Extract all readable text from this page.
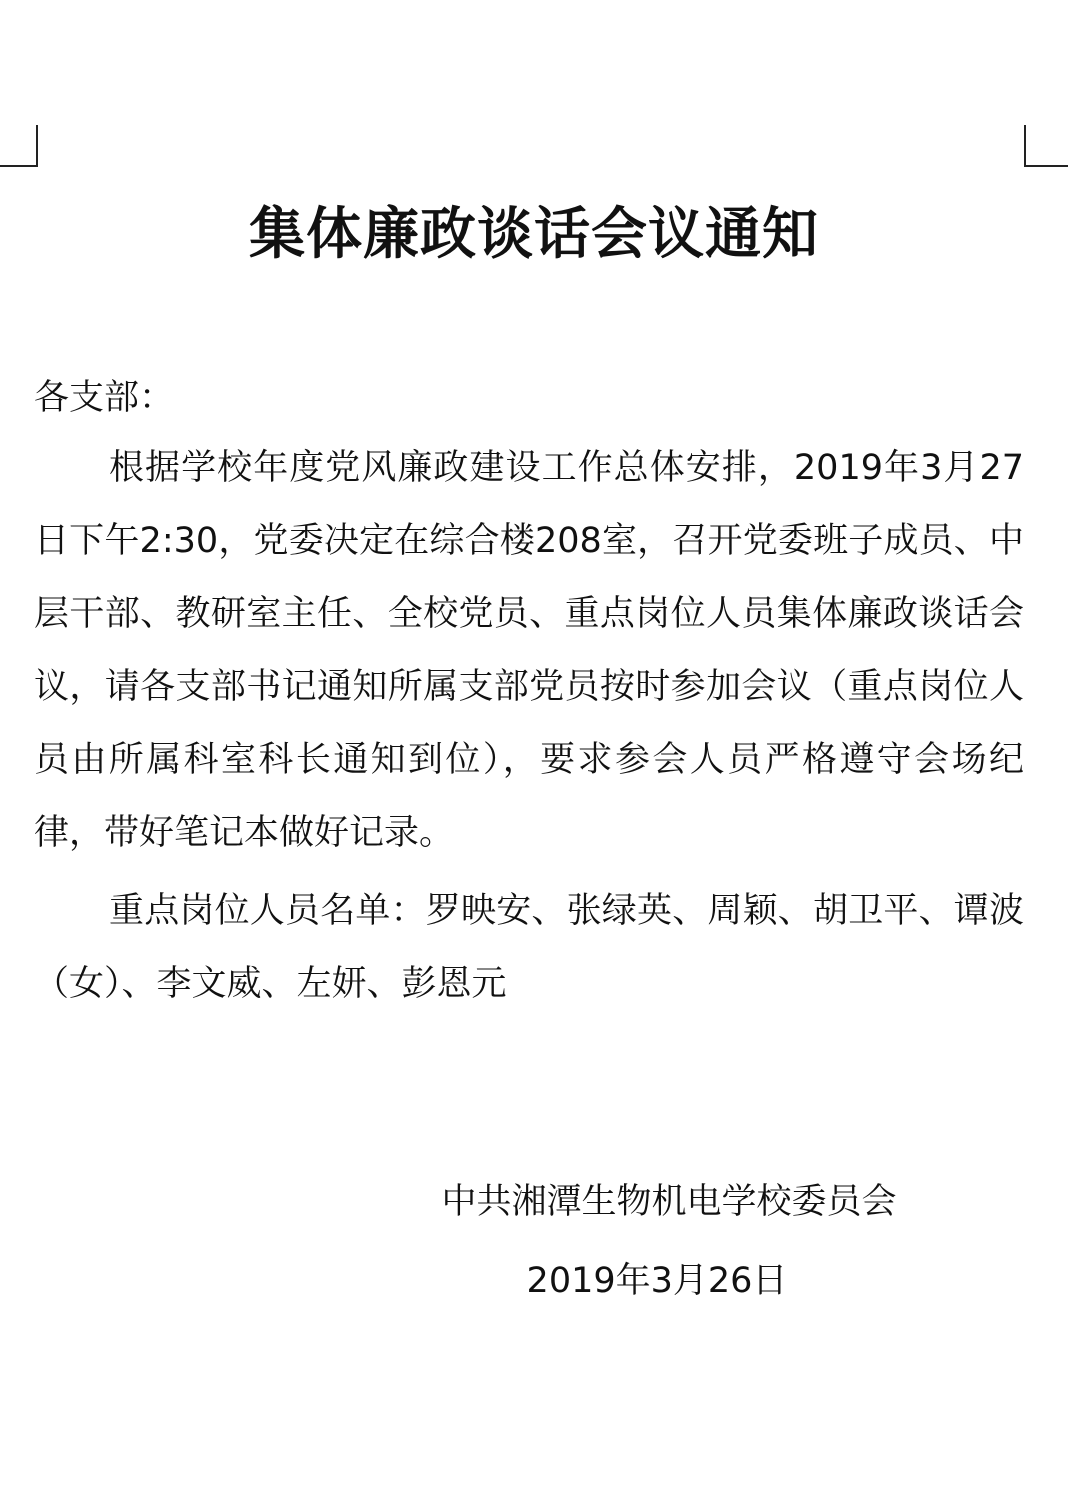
集体廉政谈话会议通知
各支部：

根据学校年度党风廉政建设工作总体安排，2019年3月27日下午2:30，党委决定在综合楼208室，召开党委班子成员、中层干部、教研室主任、全校党员、重点岗位人员集体廉政谈话会议，请各支部书记通知所属支部党员按时参加会议（重点岗位人员由所属科室科长通知到位），要求参会人员严格遵守会场纪律，带好笔记本做好记录。

重点岗位人员名单：罗映安、张绿英、周颖、胡卫平、谭波（女）、李文威、左妍、彭恩元

中共湘潭生物机电学校委员会
2019年3月26日
